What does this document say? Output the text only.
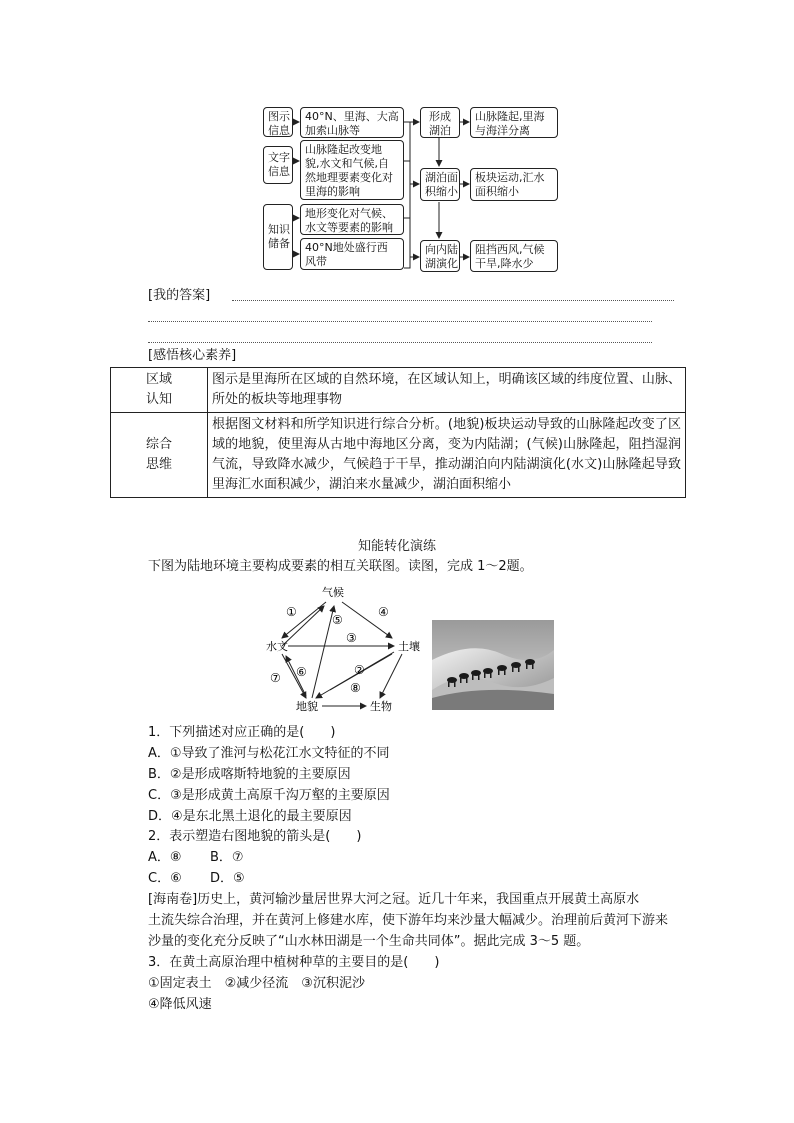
图示
信息
文字
信息
知识
储备
40°N、里海、大高
加索山脉等
山脉隆起改变地
貌,水文和气候,自
然地理要素变化对
里海的影响
地形变化对气候、
水文等要素的影响
40°N地处盛行西
风带
形成
湖泊
湖泊面
积缩小
向内陆
湖演化
山脉隆起,里海
与海洋分离
板块运动,汇水
面积缩小
阻挡西风,气候
干旱,降水少
[我的答案]
[感悟核心素养]
区域
认知	图示是里海所在区域的自然环境，在区域认知上，明确该区域的纬度位置、山脉、所处的板块等地理事物
综合
思维	根据图文材料和所学知识进行综合分析。(地貌)板块运动导致的山脉隆起改变了区域的地貌，使里海从古地中海地区分离，变为内陆湖；(气候)山脉隆起，阻挡湿润气流，导致降水减少，气候趋于干旱，推动湖泊向内陆湖演化(水文)山脉隆起导致里海汇水面积减少，湖泊来水量减少，湖泊面积缩小
知能转化演练
下图为陆地环境主要构成要素的相互关联图。读图，完成 1～2题。
气候
水文	土壤
地貌	生物
①
②
③
④
⑤
⑥
⑦
⑧
1．下列描述对应正确的是(　　)
A．①导致了淮河与松花江水文特征的不同
B．②是形成喀斯特地貌的主要原因
C．③是形成黄土高原千沟万壑的主要原因
D．④是东北黑土退化的最主要原因
2．表示塑造右图地貌的箭头是(　　)
A．⑧ B．⑦
C．⑥ D．⑤
[海南卷]历史上，黄河输沙量居世界大河之冠。近几十年来，我国重点开展黄土高原水
土流失综合治理，并在黄河上修建水库，使下游年均来沙量大幅减少。治理前后黄河下游来
沙量的变化充分反映了“山水林田湖是一个生命共同体”。据此完成 3～5 题。
3．在黄土高原治理中植树种草的主要目的是(　　)
①固定表土　②减少径流　③沉积泥沙
④降低风速
